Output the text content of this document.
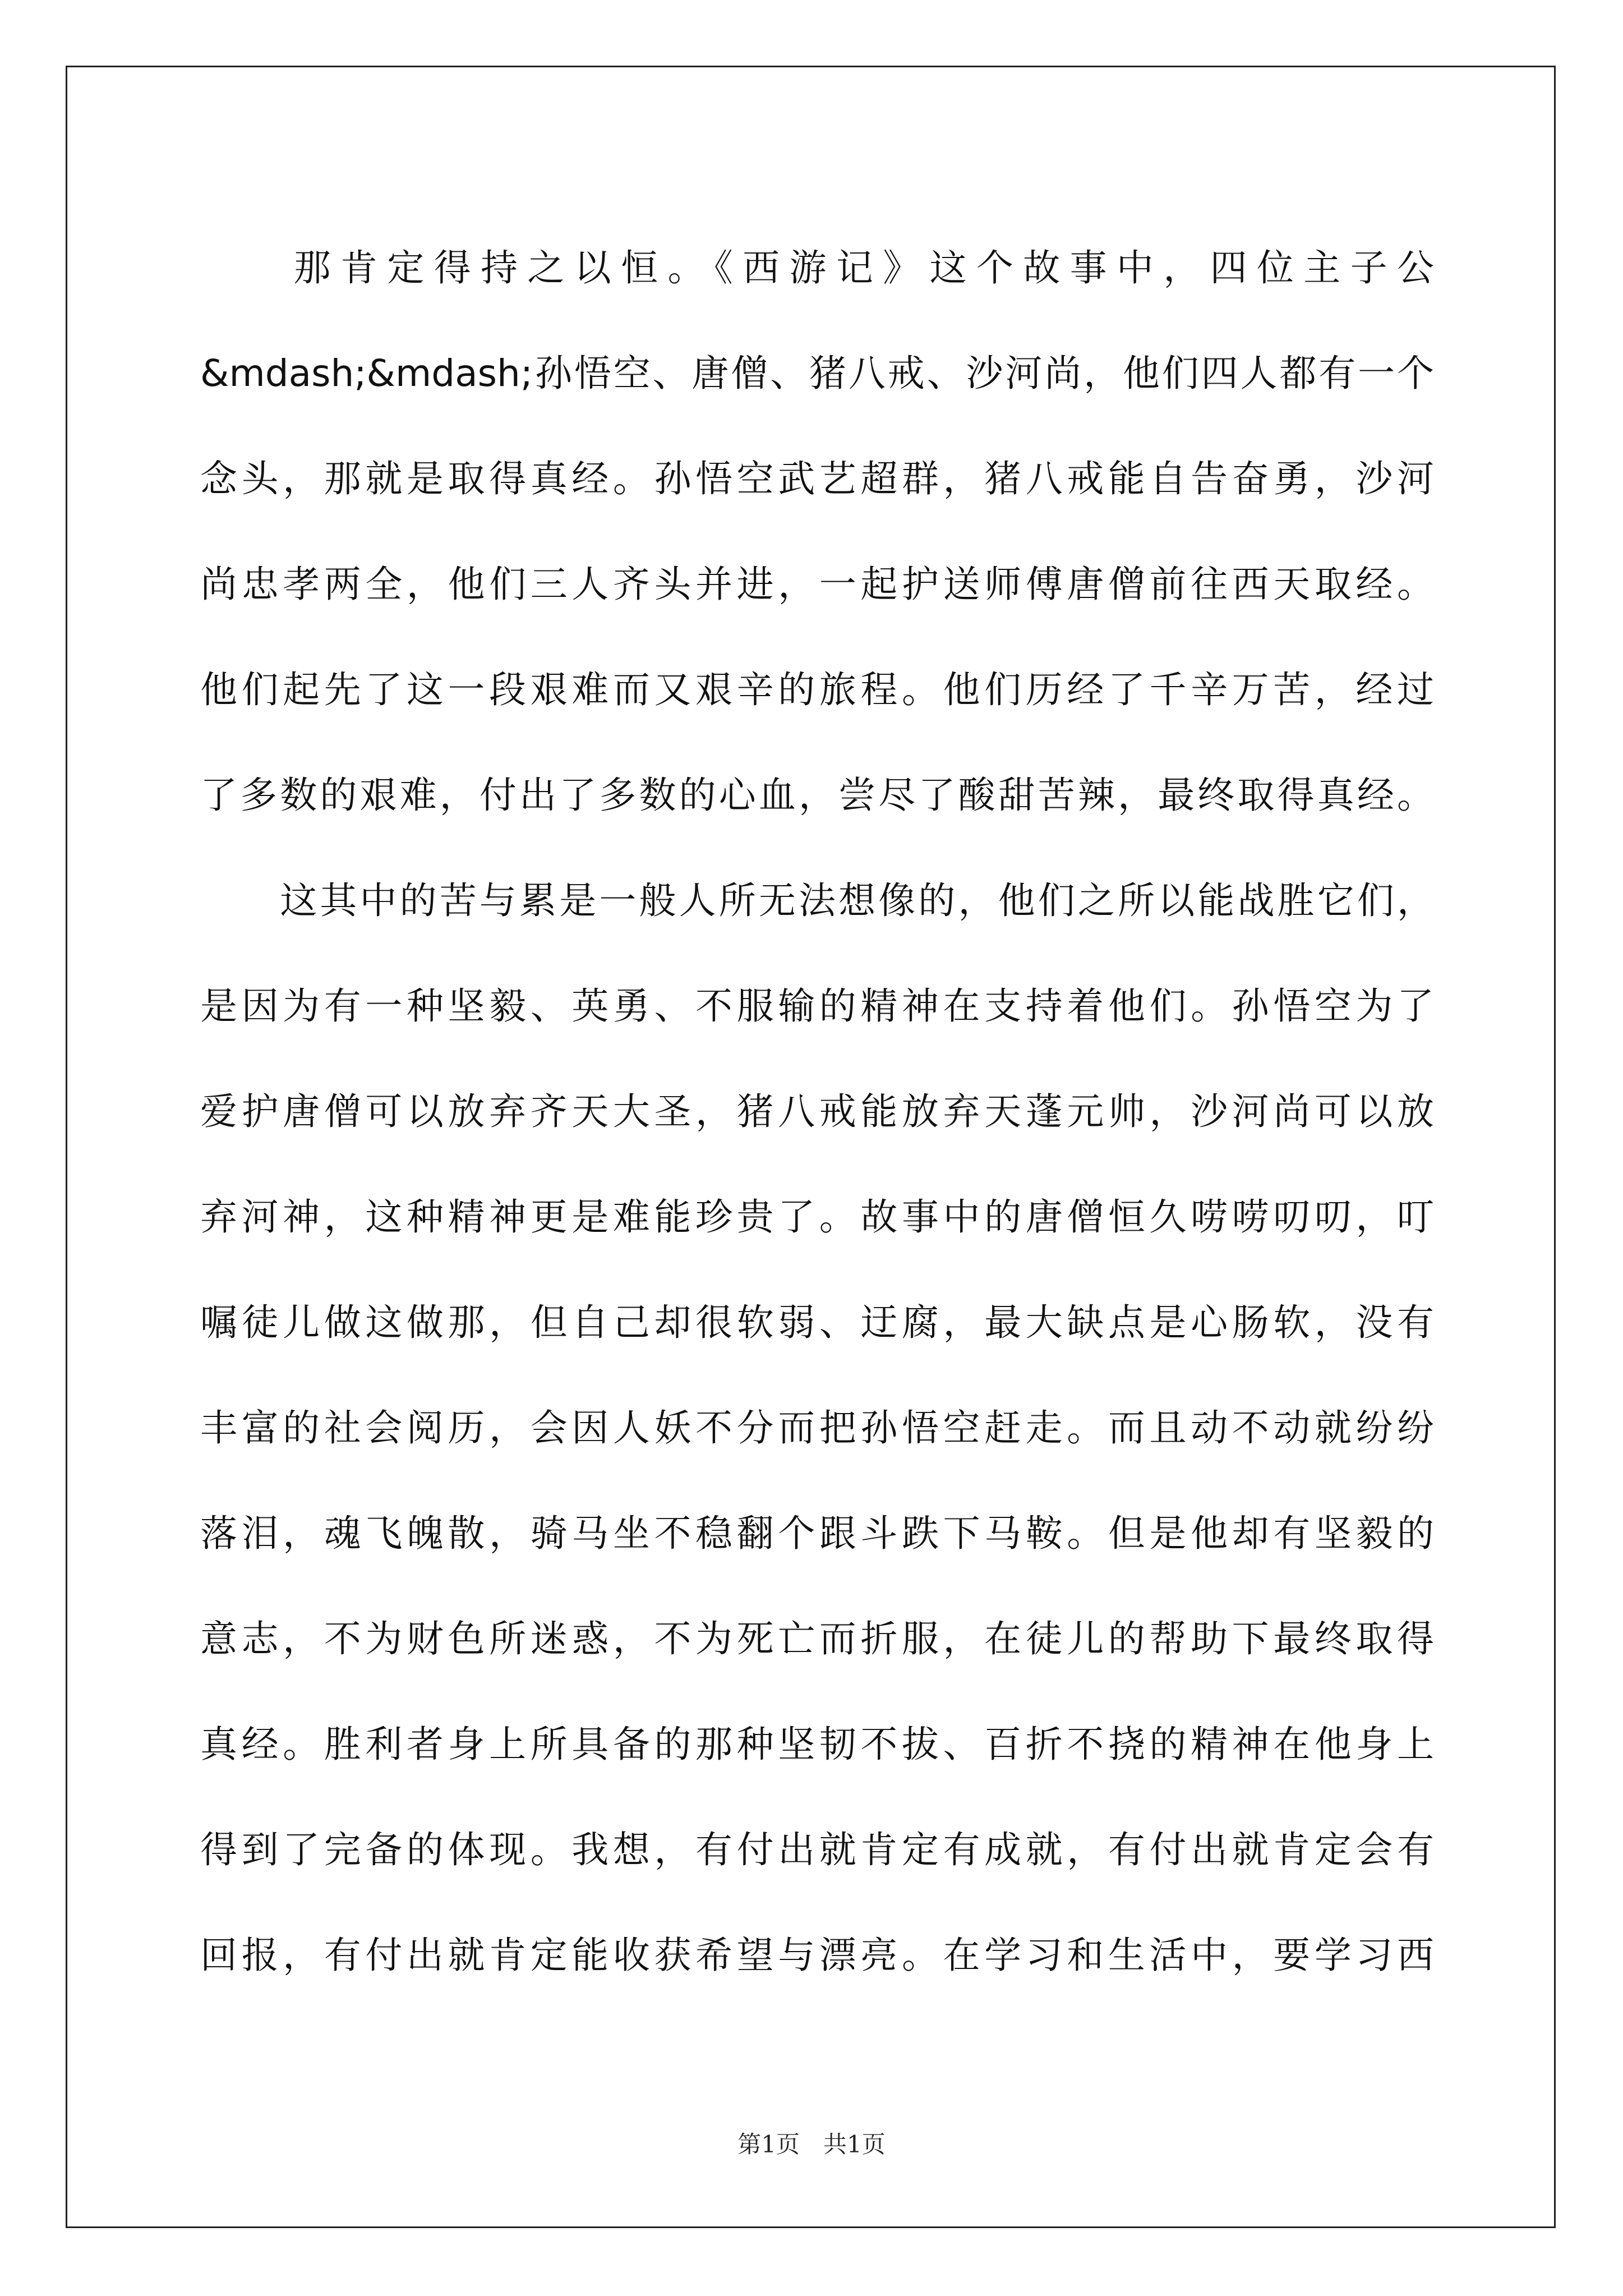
　　那肯定得持之以恒。《西游记》这个故事中，四位主子公
&mdash;&mdash;孙悟空、唐僧、猪八戒、沙河尚，他们四人都有一个
念头，那就是取得真经。孙悟空武艺超群，猪八戒能自告奋勇，沙河
尚忠孝两全，他们三人齐头并进，一起护送师傅唐僧前往西天取经。
他们起先了这一段艰难而又艰辛的旅程。他们历经了千辛万苦，经过
了多数的艰难，付出了多数的心血，尝尽了酸甜苦辣，最终取得真经。
　　这其中的苦与累是一般人所无法想像的，他们之所以能战胜它们，
是因为有一种坚毅、英勇、不服输的精神在支持着他们。孙悟空为了
爱护唐僧可以放弃齐天大圣，猪八戒能放弃天蓬元帅，沙河尚可以放
弃河神，这种精神更是难能珍贵了。故事中的唐僧恒久唠唠叨叨，叮
嘱徒儿做这做那，但自己却很软弱、迂腐，最大缺点是心肠软，没有
丰富的社会阅历，会因人妖不分而把孙悟空赶走。而且动不动就纷纷
落泪，魂飞魄散，骑马坐不稳翻个跟斗跌下马鞍。但是他却有坚毅的
意志，不为财色所迷惑，不为死亡而折服，在徒儿的帮助下最终取得
真经。胜利者身上所具备的那种坚韧不拔、百折不挠的精神在他身上
得到了完备的体现。我想，有付出就肯定有成就，有付出就肯定会有
回报，有付出就肯定能收获希望与漂亮。在学习和生活中，要学习西
第1页　共1页
